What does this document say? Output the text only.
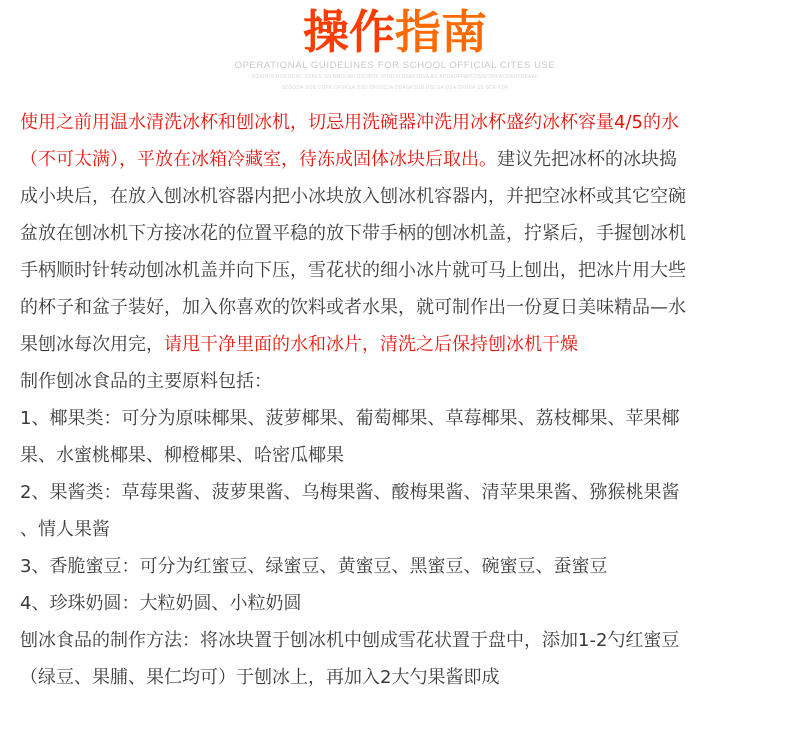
操作指南
OPERATIONAL GUIDELINES FOR SCHOOL OFFICIAL CITES USE
DGKHDS DSS KCAC SSKES SN BMDLMV DSOPDF JPOD N DSAFJDSAJFL APDADFFAPFDSAFDHFACDADFDSAAF
SDSQDA SOS DDPK DFSKSA DSD DFDSSJA DBAGKSDB DSDSA DSA DFDSA SS SCK KDF
使用之前用温水清洗冰杯和刨冰机，切忌用洗碗器冲洗用冰杯盛约冰杯容量4/5的水
（不可太满），平放在冰箱冷藏室，待冻成固体冰块后取出。建议先把冰杯的冰块捣
成小块后，在放入刨冰机容器内把小冰块放入刨冰机容器内，并把空冰杯或其它空碗
盆放在刨冰机下方接冰花的位置平稳的放下带手柄的刨冰机盖，拧紧后，手握刨冰机
手柄顺时针转动刨冰机盖并向下压，雪花状的细小冰片就可马上刨出，把冰片用大些
的杯子和盆子装好，加入你喜欢的饮料或者水果，就可制作出一份夏日美味精品—水
果刨冰每次用完，请甩干净里面的水和冰片，清洗之后保持刨冰机干燥
制作刨冰食品的主要原料包括：
1、椰果类：可分为原味椰果、菠萝椰果、葡萄椰果、草莓椰果、荔枝椰果、苹果椰
果、水蜜桃椰果、柳橙椰果、哈密瓜椰果
2、果酱类：草莓果酱、菠萝果酱、乌梅果酱、酸梅果酱、清苹果果酱、猕猴桃果酱
、情人果酱
3、香脆蜜豆：可分为红蜜豆、绿蜜豆、黄蜜豆、黑蜜豆、碗蜜豆、蚕蜜豆
4、珍珠奶圆：大粒奶圆、小粒奶圆
刨冰食品的制作方法：将冰块置于刨冰机中刨成雪花状置于盘中，添加1-2勺红蜜豆
（绿豆、果脯、果仁均可）于刨冰上，再加入2大勺果酱即成
